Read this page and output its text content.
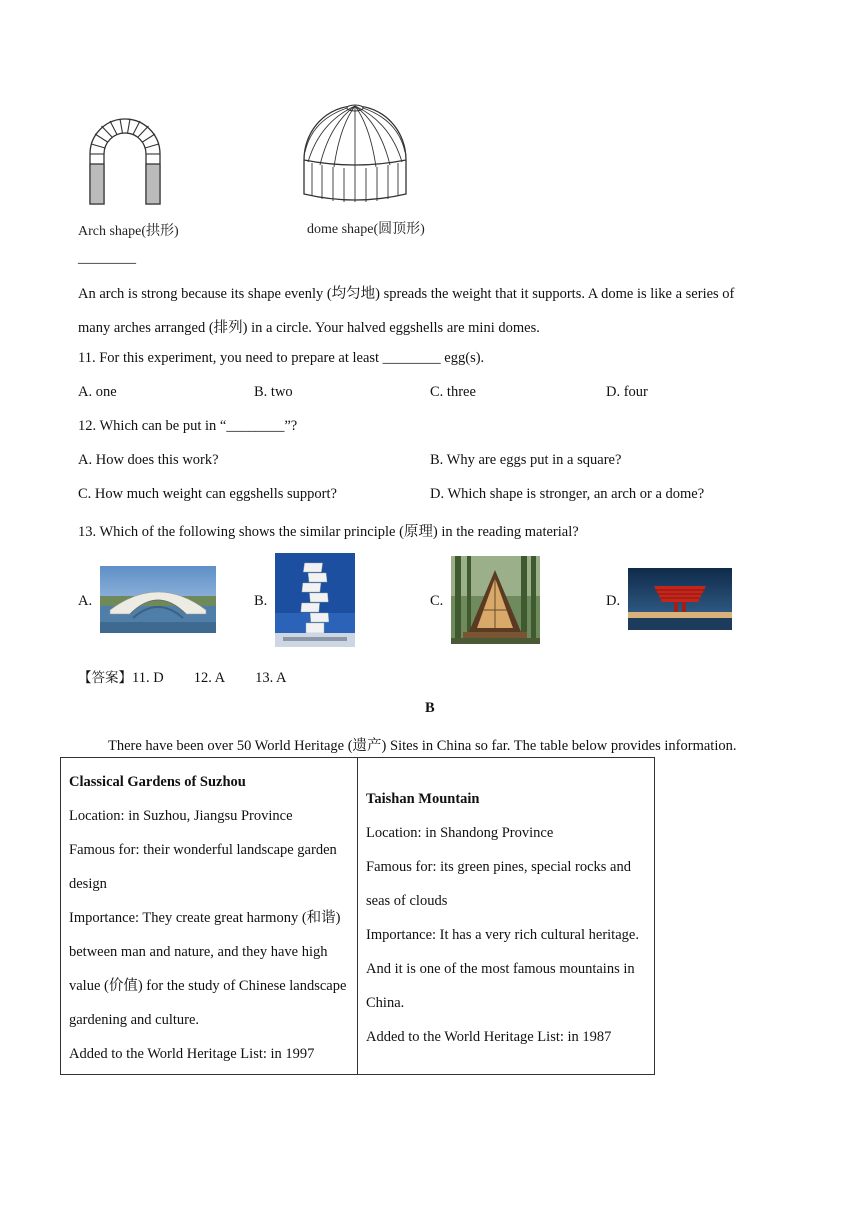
Arch shape(拱形)	dome shape(圆顶形)
________
An arch is strong because its shape evenly (均匀地) spreads the weight that it supports. A dome is like a series of
many arches arranged (排列) in a circle. Your halved eggshells are mini domes.
11. For this experiment, you need to prepare at least ________ egg(s).
A. one	B. two	C. three	D. four
12. Which can be put in “________”?
A. How does this work?	B. Why are eggs put in a square?
C. How much weight can eggshells support?	D. Which shape is stronger, an arch or a dome?
13. Which of the following shows the similar principle (原理) in the reading material?
A.	B.	C.	D.
【答案】11. D 12. A 13. A
B
There have been over 50 World Heritage (遗产) Sites in China so far. The table below provides information.
Classical Gardens of Suzhou
Location: in Suzhou, Jiangsu Province
Famous for: their wonderful landscape garden design
Importance: They create great harmony (和谐) between man and nature, and they have high value (价值) for the study of Chinese landscape gardening and culture.
Added to the World Heritage List: in 1997

Taishan Mountain
Location: in Shandong Province
Famous for: its green pines, special rocks and seas of clouds
Importance: It has a very rich cultural heritage. And it is one of the most famous mountains in China.
Added to the World Heritage List: in 1987
